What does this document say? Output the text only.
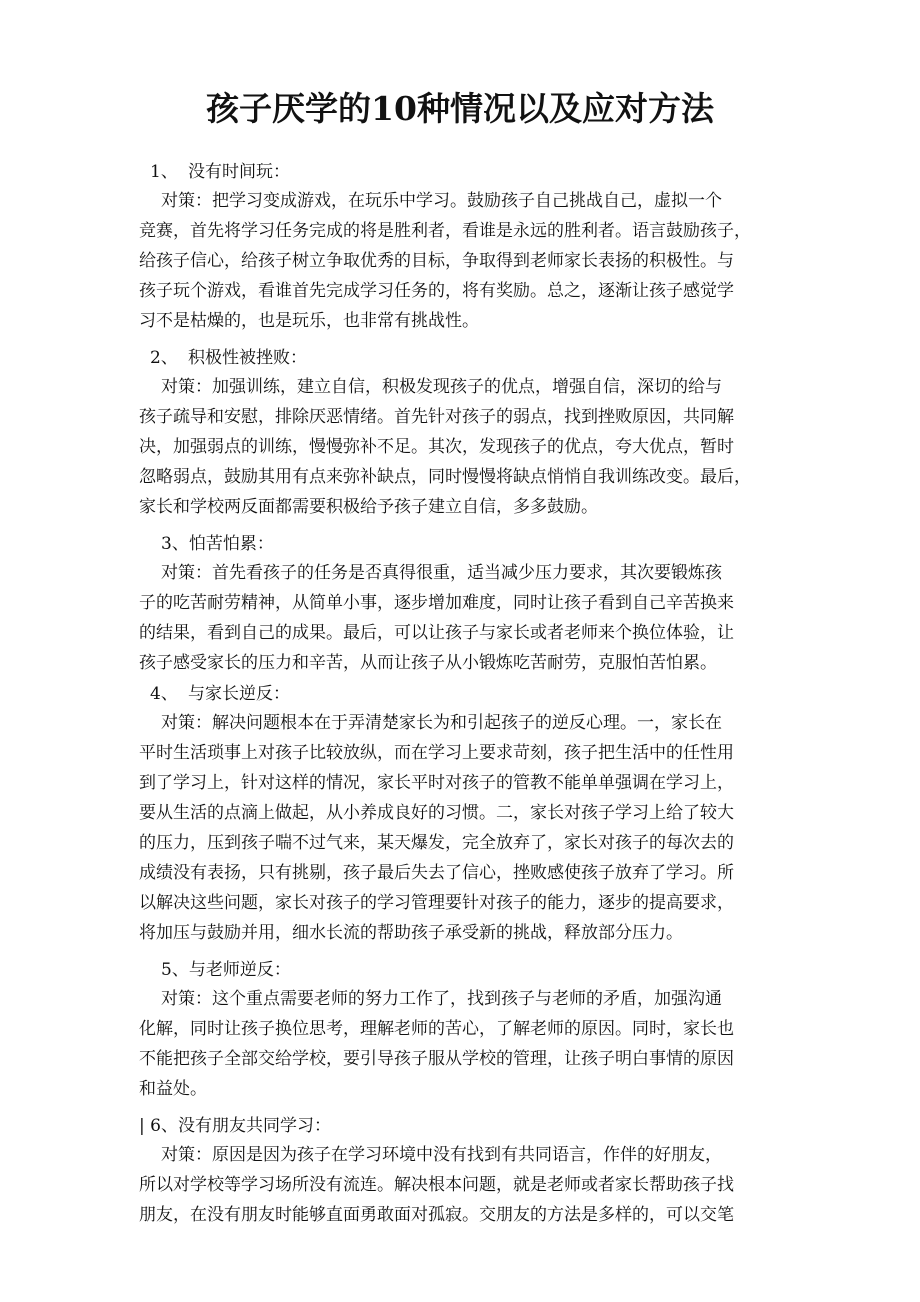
孩子厌学的10种情况以及应对方法
1、 没有时间玩：
对策：把学习变成游戏，在玩乐中学习。鼓励孩子自己挑战自己，虚拟一个
竞赛，首先将学习任务完成的将是胜利者，看谁是永远的胜利者。语言鼓励孩子，
给孩子信心，给孩子树立争取优秀的目标，争取得到老师家长表扬的积极性。与
孩子玩个游戏，看谁首先完成学习任务的，将有奖励。总之，逐渐让孩子感觉学
习不是枯燥的，也是玩乐，也非常有挑战性。
2、 积极性被挫败：
对策：加强训练，建立自信，积极发现孩子的优点，增强自信，深切的给与
孩子疏导和安慰，排除厌恶情绪。首先针对孩子的弱点，找到挫败原因，共同解
决，加强弱点的训练，慢慢弥补不足。其次，发现孩子的优点，夸大优点，暂时
忽略弱点，鼓励其用有点来弥补缺点，同时慢慢将缺点悄悄自我训练改变。最后，
家长和学校两反面都需要积极给予孩子建立自信，多多鼓励。
3、怕苦怕累：
对策：首先看孩子的任务是否真得很重，适当减少压力要求，其次要锻炼孩
子的吃苦耐劳精神，从简单小事，逐步增加难度，同时让孩子看到自己辛苦换来
的结果，看到自己的成果。最后，可以让孩子与家长或者老师来个换位体验，让
孩子感受家长的压力和辛苦，从而让孩子从小锻炼吃苦耐劳，克服怕苦怕累。
4、 与家长逆反：
对策：解决问题根本在于弄清楚家长为和引起孩子的逆反心理。一，家长在
平时生活琐事上对孩子比较放纵，而在学习上要求苛刻，孩子把生活中的任性用
到了学习上，针对这样的情况，家长平时对孩子的管教不能单单强调在学习上，
要从生活的点滴上做起，从小养成良好的习惯。二，家长对孩子学习上给了较大
的压力，压到孩子喘不过气来，某天爆发，完全放弃了，家长对孩子的每次去的
成绩没有表扬，只有挑剔，孩子最后失去了信心，挫败感使孩子放弃了学习。所
以解决这些问题，家长对孩子的学习管理要针对孩子的能力，逐步的提高要求，
将加压与鼓励并用，细水长流的帮助孩子承受新的挑战，释放部分压力。
5、与老师逆反：
对策：这个重点需要老师的努力工作了，找到孩子与老师的矛盾，加强沟通
化解，同时让孩子换位思考，理解老师的苦心，了解老师的原因。同时，家长也
不能把孩子全部交给学校，要引导孩子服从学校的管理，让孩子明白事情的原因
和益处。
| 6、没有朋友共同学习：
对策：原因是因为孩子在学习环境中没有找到有共同语言，作伴的好朋友，
所以对学校等学习场所没有流连。解决根本问题，就是老师或者家长帮助孩子找
朋友，在没有朋友时能够直面勇敢面对孤寂。交朋友的方法是多样的，可以交笔
